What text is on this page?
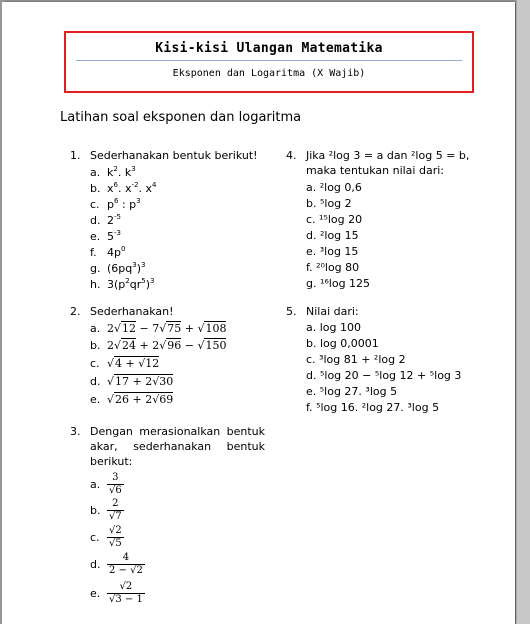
Kisi-kisi Ulangan Matematika
Eksponen dan Logaritma (X Wajib)
Latihan soal eksponen dan logaritma
1. Sederhanakan bentuk berikut!
a. $k^2$. $k^3$
b. $x^6$. $x^{-2}$. $x^4$
c. $p^6$ : $p^3$
d. $2^{-5}$
e. $5^{-3}$
f. $4p^0$
g. $(6pq^3)^3$
h. $3(p^2qr^5)^3$
2. Sederhanakan!
a. 2√12 − 7√75 + √108
b. 2√24 + 2√96 − √150
c. √4 + √12
d. √17 + 2√30
e. √26 + 2√69
3. Dengan merasionalkan bentuk
akar, sederhanakan bentuk
berikut:
a. $\frac{3}{√6}$
b. $\frac{2}{√7}$
c. $\frac{√2}{√5}$
d. $\frac{4}{2 - √2}$
e. $\frac{√2}{√3 - 1}$
4. Jika ²log 3 = a dan ²log 5 = b,
maka tentukan nilai dari:
a. ²log 0,6
b. ⁵log 2
c. ¹⁵log 20
d. ²log 15
e. ³log 15
f. ²⁰log 80
g. ¹⁶log 125
5. Nilai dari:
a. log 100
b. log 0,0001
c. ³log 81 + ²log 2
d. ⁵log 20 − ⁵log 12 + ⁵log 3
e. ⁵log 27. ³log 5
f. ⁵log 16. ²log 27. ³log 5
